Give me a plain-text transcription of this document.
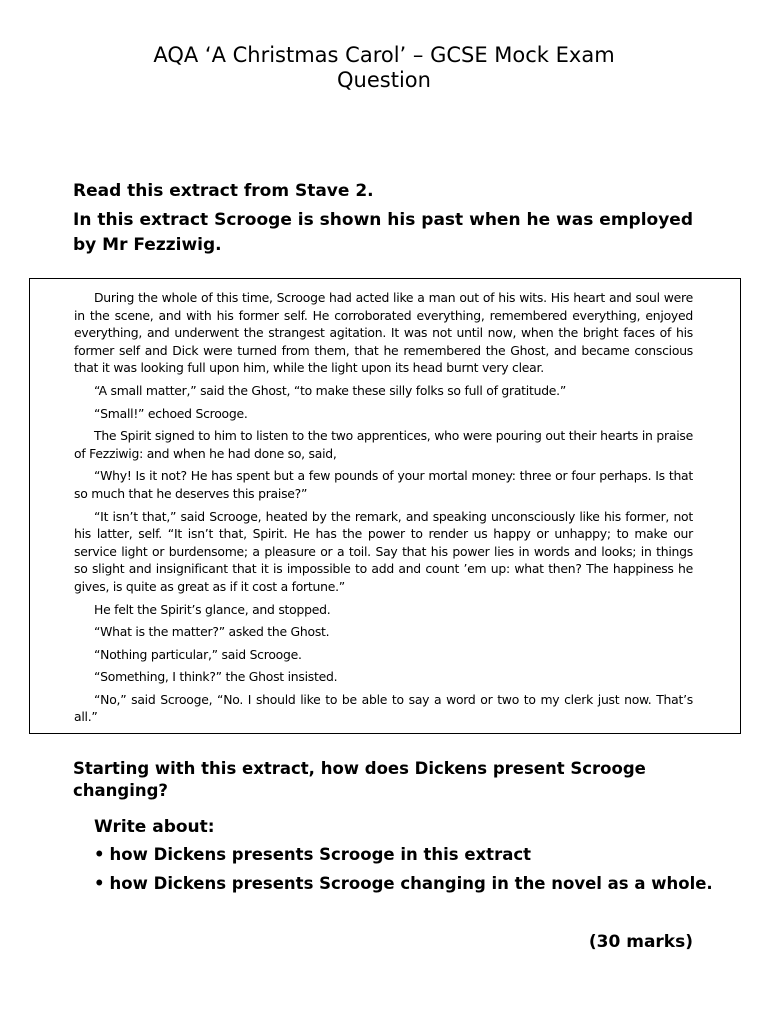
AQA ‘A Christmas Carol’ – GCSE Mock Exam
Question
Read this extract from Stave 2.
In this extract Scrooge is shown his past when he was employed by Mr Fezziwig.

During the whole of this time, Scrooge had acted like a man out of his wits. His heart and soul were in the scene, and with his former self. He corroborated everything, remembered everything, enjoyed everything, and underwent the strangest agitation. It was not until now, when the bright faces of his former self and Dick were turned from them, that he remembered the Ghost, and became conscious that it was looking full upon him, while the light upon its head burnt very clear.

“A small matter,” said the Ghost, “to make these silly folks so full of gratitude.”

“Small!” echoed Scrooge.

The Spirit signed to him to listen to the two apprentices, who were pouring out their hearts in praise of Fezziwig: and when he had done so, said,

“Why! Is it not? He has spent but a few pounds of your mortal money: three or four perhaps. Is that so much that he deserves this praise?”

“It isn’t that,” said Scrooge, heated by the remark, and speaking unconsciously like his former, not his latter, self. “It isn’t that, Spirit. He has the power to render us happy or unhappy; to make our service light or burdensome; a pleasure or a toil. Say that his power lies in words and looks; in things so slight and insignificant that it is impossible to add and count ’em up: what then? The happiness he gives, is quite as great as if it cost a fortune.”

He felt the Spirit’s glance, and stopped.

“What is the matter?” asked the Ghost.

“Nothing particular,” said Scrooge.

“Something, I think?” the Ghost insisted.

“No,” said Scrooge, “No. I should like to be able to say a word or two to my clerk just now. That’s all.”

Starting with this extract, how does Dickens present Scrooge changing?
Write about:
• how Dickens presents Scrooge in this extract
• how Dickens presents Scrooge changing in the novel as a whole.
(30 marks)
